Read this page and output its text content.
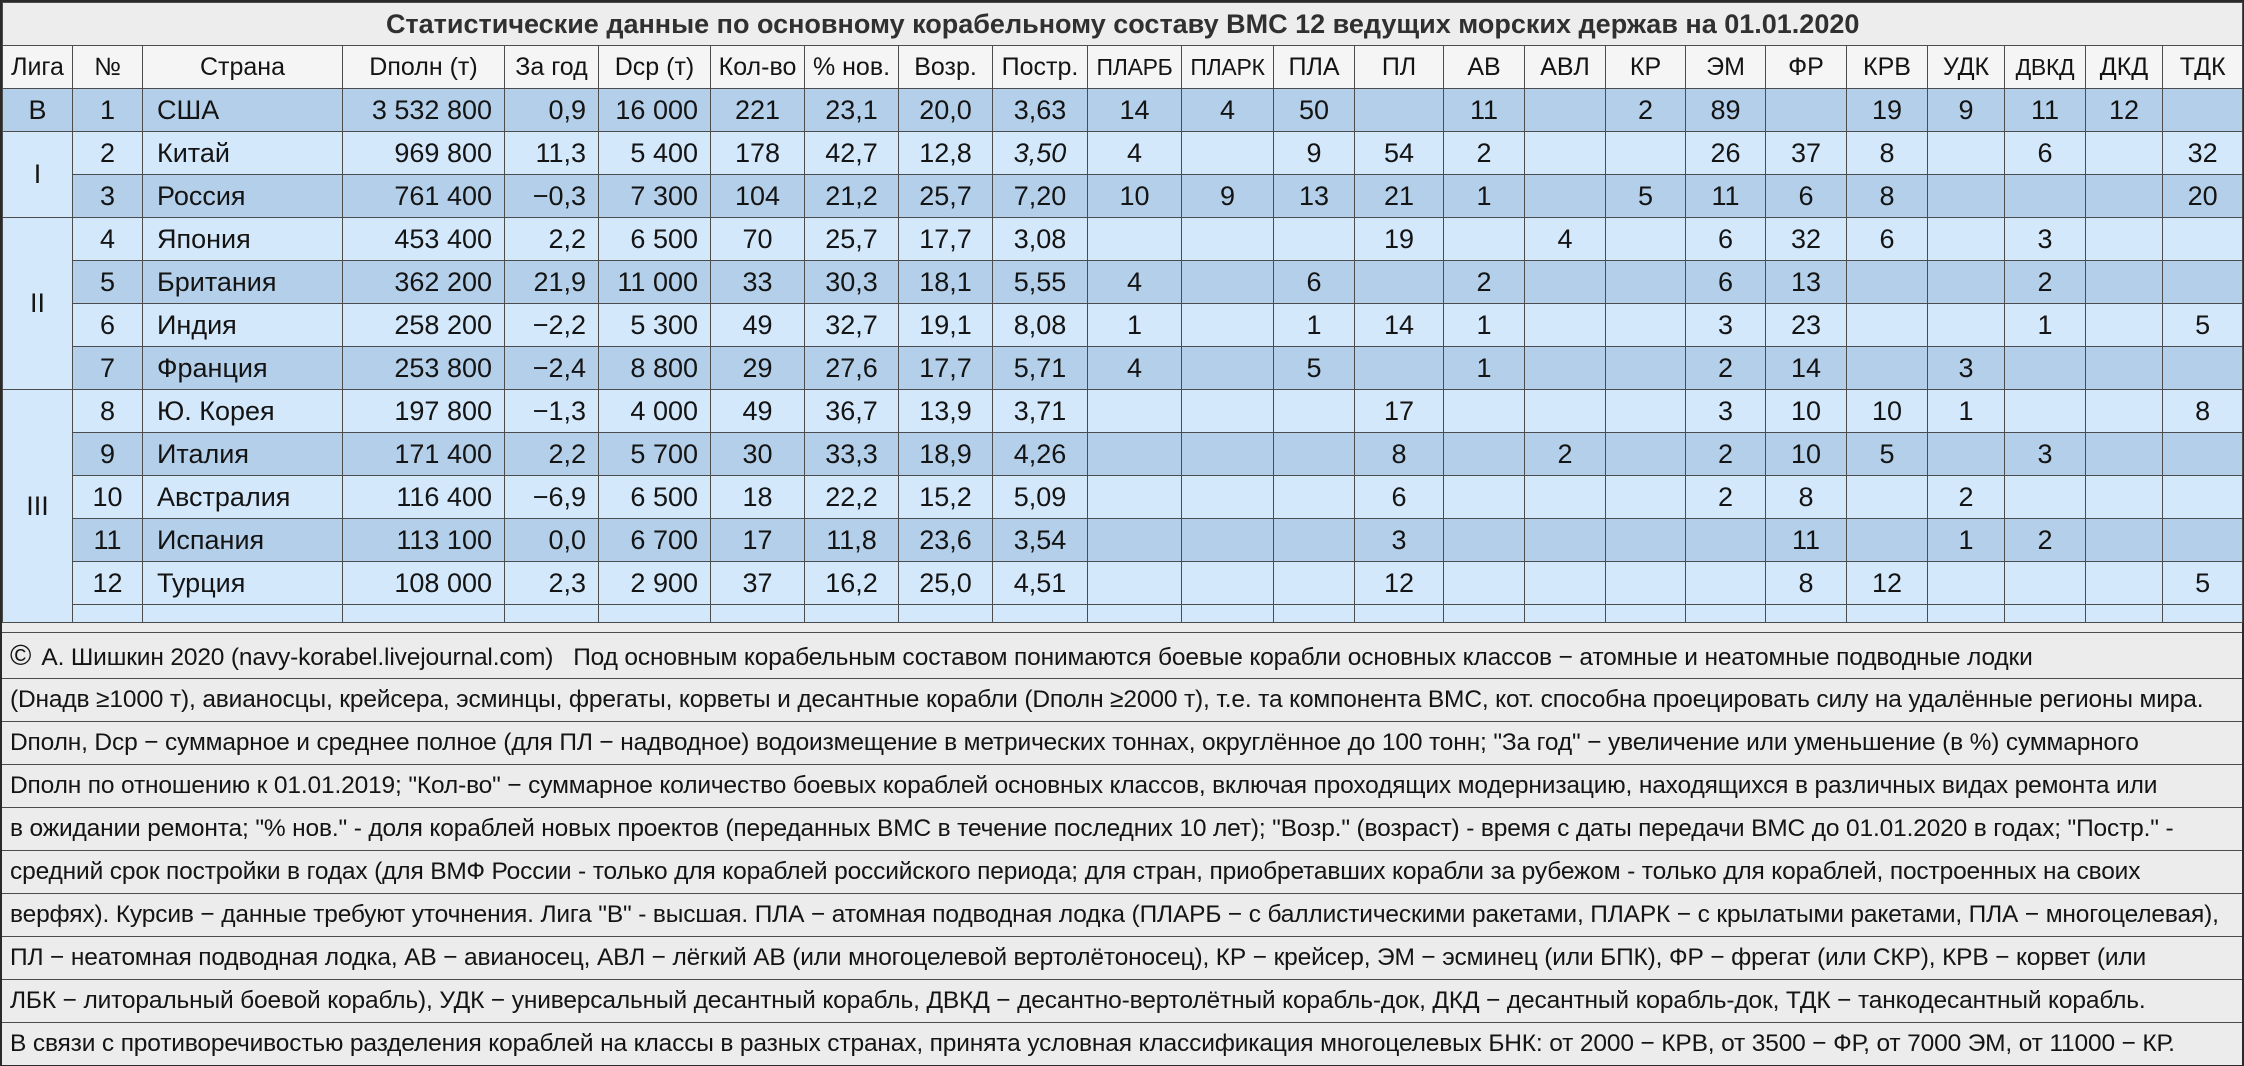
Статистические данные по основному корабельному составу ВМС 12 ведущих морских держав на 01.01.2020																							
Лига	№	Страна	Dполн (т)	За год	Dср (т)	Кол-во	% нов.	Возр.	Постр.	ПЛАРБ	ПЛАРК	ПЛА	ПЛ	АВ	АВЛ	КР	ЭМ	ФР	КРВ	УДК	ДВКД	ДКД	ТДК
B	1	США	3 532 800	0,9	16 000	221	23,1	20,0	3,63	14	4	50		11		2	89		19	9	11	12	
I	2	Китай	969 800	11,3	5 400	178	42,7	12,8	3,50	4		9	54	2			26	37	8		6		32
	3	Россия	761 400	−0,3	7 300	104	21,2	25,7	7,20	10	9	13	21	1		5	11	6	8				20
II	4	Япония	453 400	2,2	6 500	70	25,7	17,7	3,08				19		4		6	32	6		3		
	5	Британия	362 200	21,9	11 000	33	30,3	18,1	5,55	4		6		2			6	13			2		
	6	Индия	258 200	−2,2	5 300	49	32,7	19,1	8,08	1		1	14	1			3	23			1		5
	7	Франция	253 800	−2,4	8 800	29	27,6	17,7	5,71	4		5		1			2	14		3			
III	8	Ю. Корея	197 800	−1,3	4 000	49	36,7	13,9	3,71				17				3	10	10	1			8
	9	Италия	171 400	2,2	5 700	30	33,3	18,9	4,26				8		2		2	10	5		3		
	10	Австралия	116 400	−6,9	6 500	18	22,2	15,2	5,09				6				2	8		2			
	11	Испания	113 100	0,0	6 700	17	11,8	23,6	3,54				3					11		1	2		
	12	Турция	108 000	2,3	2 900	37	16,2	25,0	4,51				12					8	12				5

© А. Шишкин 2020 (navy-korabel.livejournal.com) Под основным корабельным составом понимаются боевые корабли основных классов − атомные и неатомные подводные лодки
(Dнадв ≥1000 т), авианосцы, крейсера, эсминцы, фрегаты, корветы и десантные корабли (Dполн ≥2000 т), т.е. та компонента ВМС, кот. способна проецировать силу на удалённые регионы мира.
Dполн, Dср − суммарное и среднее полное (для ПЛ − надводное) водоизмещение в метрических тоннах, округлённое до 100 тонн; "За год" − увеличение или уменьшение (в %) суммарного
Dполн по отношению к 01.01.2019; "Кол-во" − суммарное количество боевых кораблей основных классов, включая проходящих модернизацию, находящихся в различных видах ремонта или
в ожидании ремонта; "% нов." - доля кораблей новых проектов (переданных ВМС в течение последних 10 лет); "Возр." (возраст) - время с даты передачи ВМС до 01.01.2020 в годах; "Постр." -
средний срок постройки в годах (для ВМФ России - только для кораблей российского периода; для стран, приобретавших корабли за рубежом - только для кораблей, построенных на своих
верфях). Курсив − данные требуют уточнения. Лига "В" - высшая. ПЛА − атомная подводная лодка (ПЛАРБ − с баллистическими ракетами, ПЛАРК − с крылатыми ракетами, ПЛА − многоцелевая),
ПЛ − неатомная подводная лодка, АВ − авианосец, АВЛ − лёгкий АВ (или многоцелевой вертолётоносец), КР − крейсер, ЭМ − эсминец (или БПК), ФР − фрегат (или СКР), КРВ − корвет (или
ЛБК − литоральный боевой корабль), УДК − универсальный десантный корабль, ДВКД − десантно-вертолётный корабль-док, ДКД − десантный корабль-док, ТДК − танкодесантный корабль.
В связи с противоречивостью разделения кораблей на классы в разных странах, принята условная классификация многоцелевых БНК: от 2000 − КРВ, от 3500 − ФР, от 7000 ЭМ, от 11000 − КР.
